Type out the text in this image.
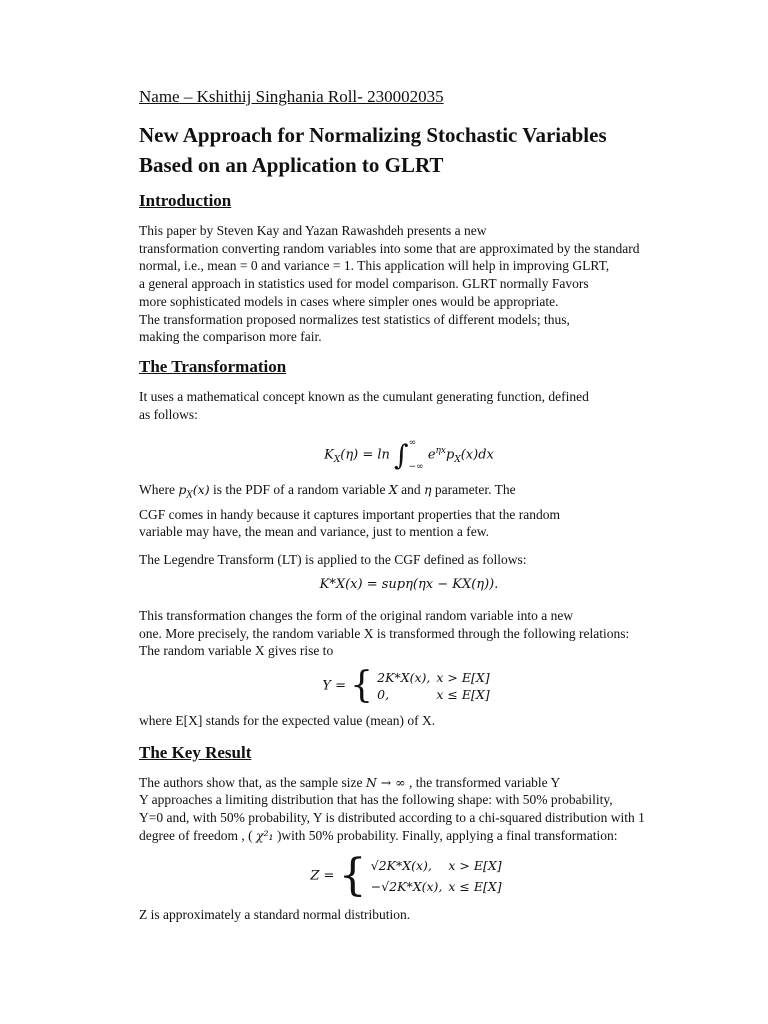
Name – Kshithij Singhania Roll- 230002035

New Approach for Normalizing Stochastic Variables
Based on an Application to GLRT
Introduction
This paper by Steven Kay and Yazan Rawashdeh presents a new
transformation converting random variables into some that are approximated by the standard
normal, i.e., mean = 0 and variance = 1. This application will help in improving GLRT,
a general approach in statistics used for model comparison. GLRT normally Favors
more sophisticated models in cases where simpler ones would be appropriate.
The transformation proposed normalizes test statistics of different models; thus,
making the comparison more fair.
The Transformation
It uses a mathematical concept known as the cumulant generating function, defined
as follows:
$K_X(\eta) = \ln$ ∫ ∞
−∞
$e^{\eta x}p_X(x)dx$
Where $p_X(x)$ is the PDF of a random variable X and η parameter. The
CGF comes in handy because it captures important properties that the random
variable may have, the mean and variance, just to mention a few.

The Legendre Transform (LT) is applied to the CGF defined as follows:

K*X(x) = supη(ηx − KX(η)).
This transformation changes the form of the original random variable into a new
one. More precisely, the random variable X is transformed through the following relations:
The random variable X gives rise to
Y = { 2K*X(x),	x > E[X]
0,	x ≤ E[X]

where E[X] stands for the expected value (mean) of X.

The Key Result
The authors show that, as the sample size N → ∞ , the transformed variable Y
Y approaches a limiting distribution that has the following shape: with 50% probability,
Y=0 and, with 50% probability, Y is distributed according to a chi-squared distribution with 1
degree of freedom , ( χ²₁ )with 50% probability. Finally, applying a final transformation:
Z = { √2K*X(x),	x > E[X]
−√2K*X(x),	x ≤ E[X]

Z is approximately a standard normal distribution.
